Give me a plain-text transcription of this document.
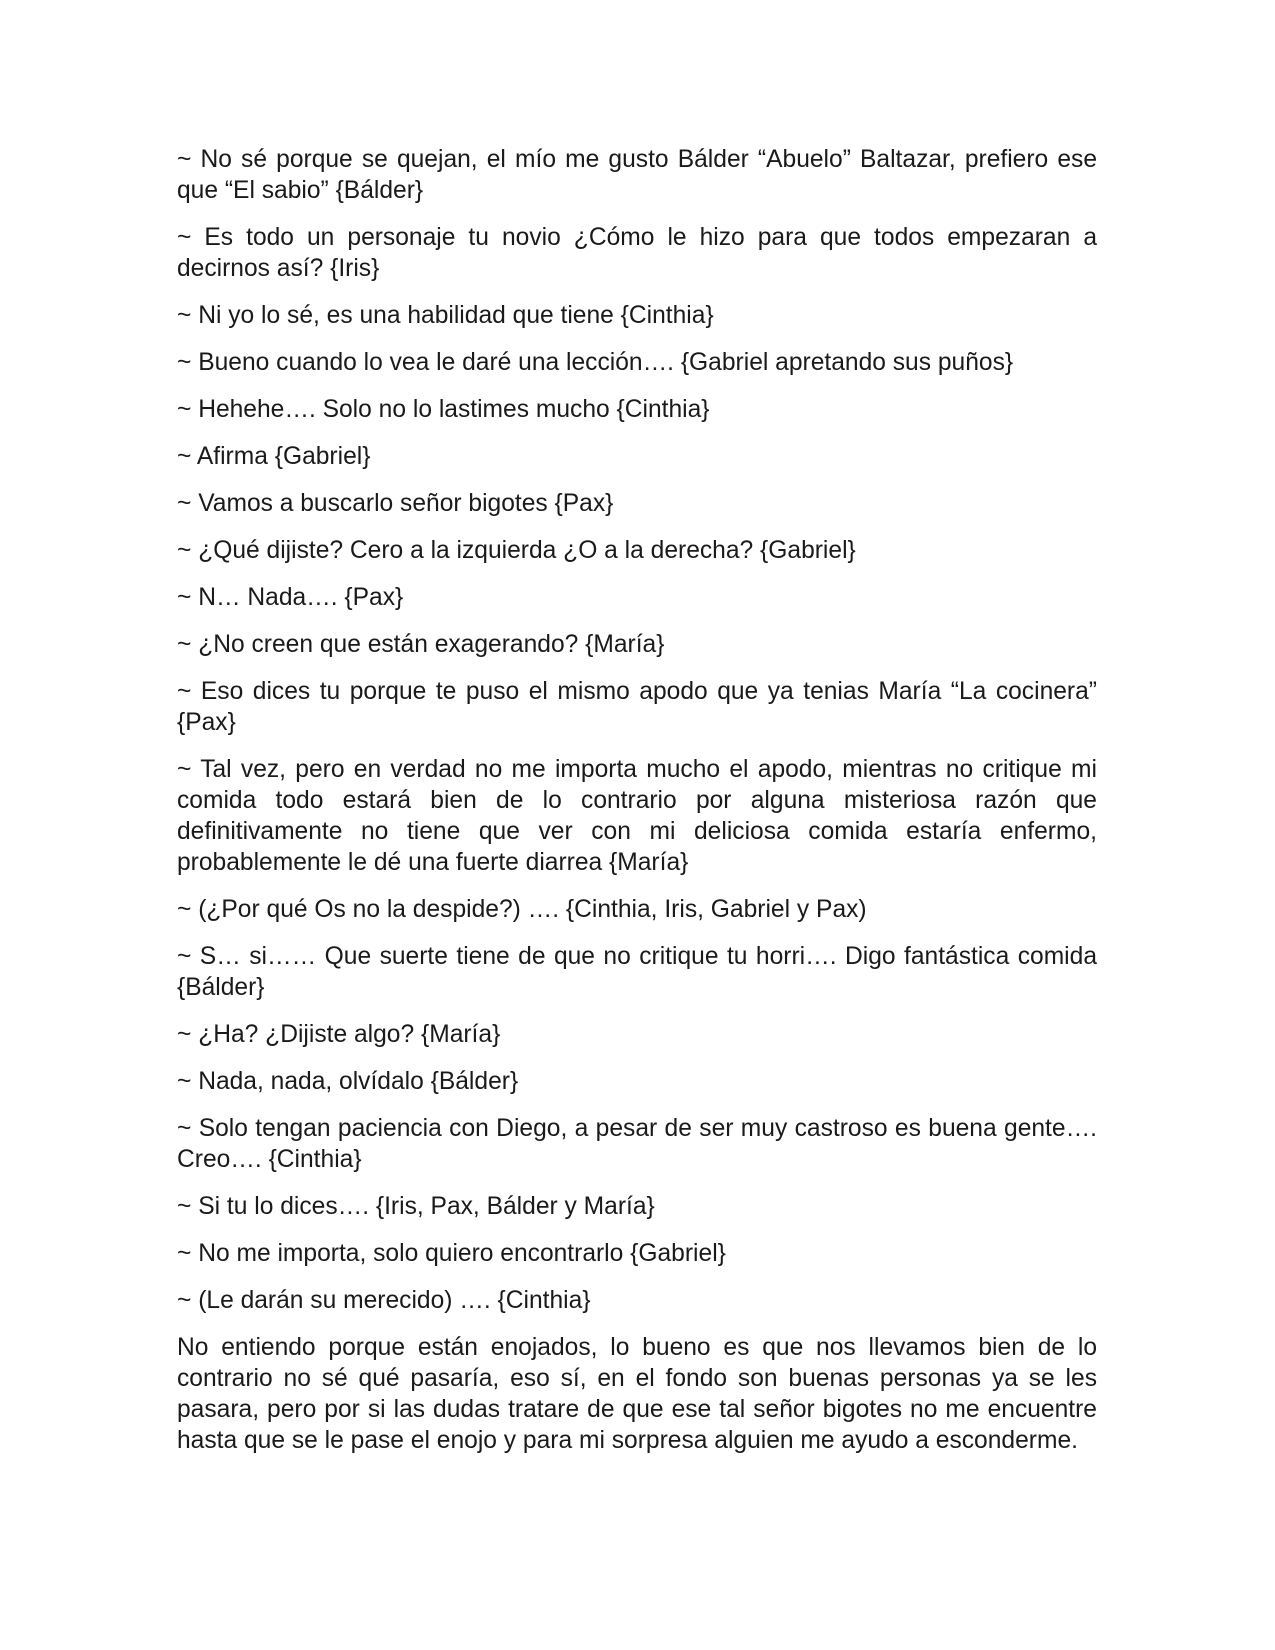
~ No sé porque se quejan, el mío me gusto Bálder “Abuelo” Baltazar, prefiero ese que “El sabio” {Bálder}

~ Es todo un personaje tu novio ¿Cómo le hizo para que todos empezaran a decirnos así? {Iris}

~ Ni yo lo sé, es una habilidad que tiene {Cinthia}

~ Bueno cuando lo vea le daré una lección…. {Gabriel apretando sus puños}

~ Hehehe…. Solo no lo lastimes mucho {Cinthia}

~ Afirma {Gabriel}

~ Vamos a buscarlo señor bigotes {Pax}

~ ¿Qué dijiste? Cero a la izquierda ¿O a la derecha? {Gabriel}

~ N… Nada…. {Pax}

~ ¿No creen que están exagerando? {María}

~ Eso dices tu porque te puso el mismo apodo que ya tenias María “La cocinera” {Pax}

~ Tal vez, pero en verdad no me importa mucho el apodo, mientras no critique mi comida todo estará bien de lo contrario por alguna misteriosa razón que definitivamente no tiene que ver con mi deliciosa comida estaría enfermo, probablemente le dé una fuerte diarrea {María}

~ (¿Por qué Os no la despide?) …. {Cinthia, Iris, Gabriel y Pax)

~ S… si…… Que suerte tiene de que no critique tu horri…. Digo fantástica comida {Bálder}

~ ¿Ha? ¿Dijiste algo? {María}

~ Nada, nada, olvídalo {Bálder}

~ Solo tengan paciencia con Diego, a pesar de ser muy castroso es buena gente…. Creo…. {Cinthia}

~ Si tu lo dices…. {Iris, Pax, Bálder y María}

~ No me importa, solo quiero encontrarlo {Gabriel}

~ (Le darán su merecido) …. {Cinthia}

No entiendo porque están enojados, lo bueno es que nos llevamos bien de lo contrario no sé qué pasaría, eso sí, en el fondo son buenas personas ya se les pasara, pero por si las dudas tratare de que ese tal señor bigotes no me encuentre hasta que se le pase el enojo y para mi sorpresa alguien me ayudo a esconderme.
